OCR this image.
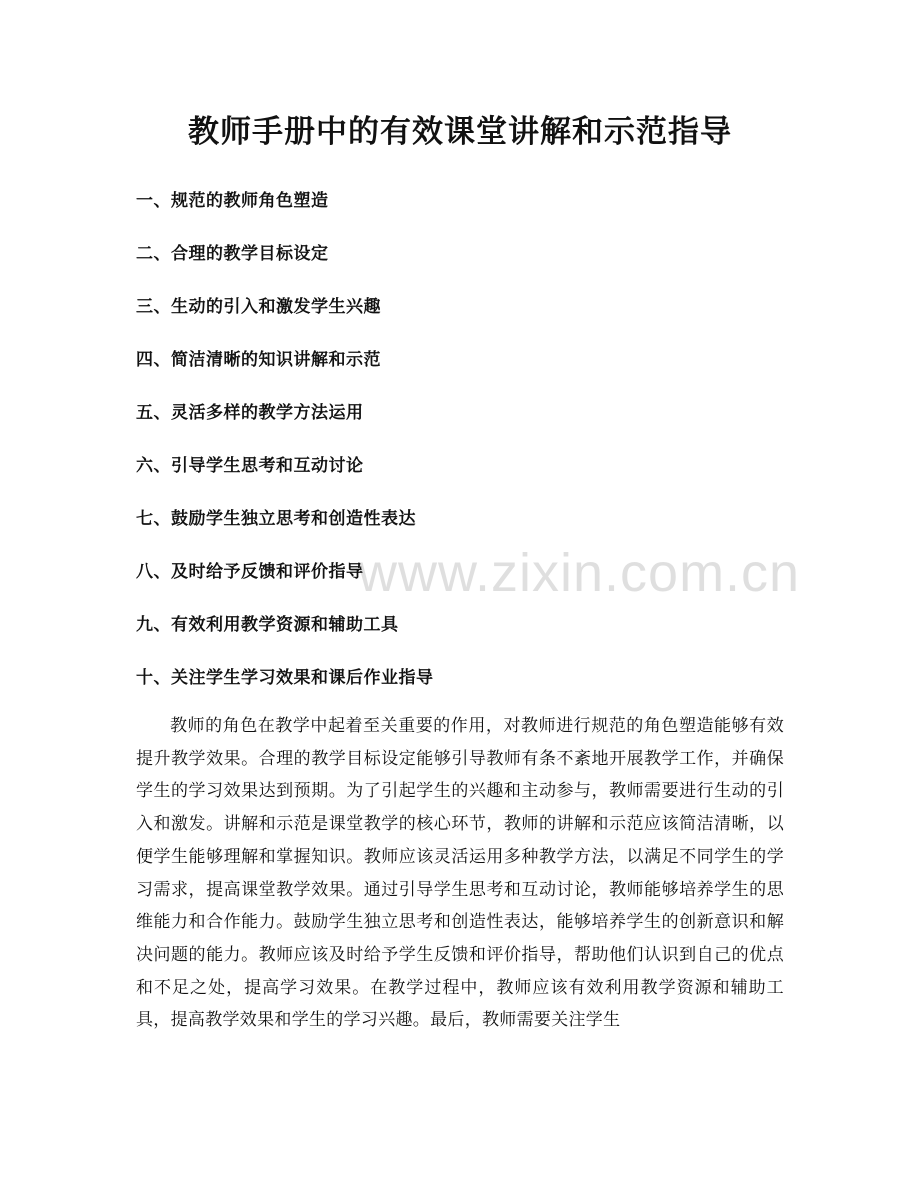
教师手册中的有效课堂讲解和示范指导
一、规范的教师角色塑造
二、合理的教学目标设定
三、生动的引入和激发学生兴趣
四、简洁清晰的知识讲解和示范
五、灵活多样的教学方法运用
六、引导学生思考和互动讨论
七、鼓励学生独立思考和创造性表达
八、及时给予反馈和评价指导
九、有效利用教学资源和辅助工具
十、关注学生学习效果和课后作业指导

教师的角色在教学中起着至关重要的作用，对教师进行规范的角色塑造能够有效提升教学效果。合理的教学目标设定能够引导教师有条不紊地开展教学工作，并确保学生的学习效果达到预期。为了引起学生的兴趣和主动参与，教师需要进行生动的引入和激发。讲解和示范是课堂教学的核心环节，教师的讲解和示范应该简洁清晰，以便学生能够理解和掌握知识。教师应该灵活运用多种教学方法，以满足不同学生的学习需求，提高课堂教学效果。通过引导学生思考和互动讨论，教师能够培养学生的思维能力和合作能力。鼓励学生独立思考和创造性表达，能够培养学生的创新意识和解决问题的能力。教师应该及时给予学生反馈和评价指导，帮助他们认识到自己的优点和不足之处，提高学习效果。在教学过程中，教师应该有效利用教学资源和辅助工具，提高教学效果和学生的学习兴趣。最后，教师需要关注学生

www.zixin.com.cn
